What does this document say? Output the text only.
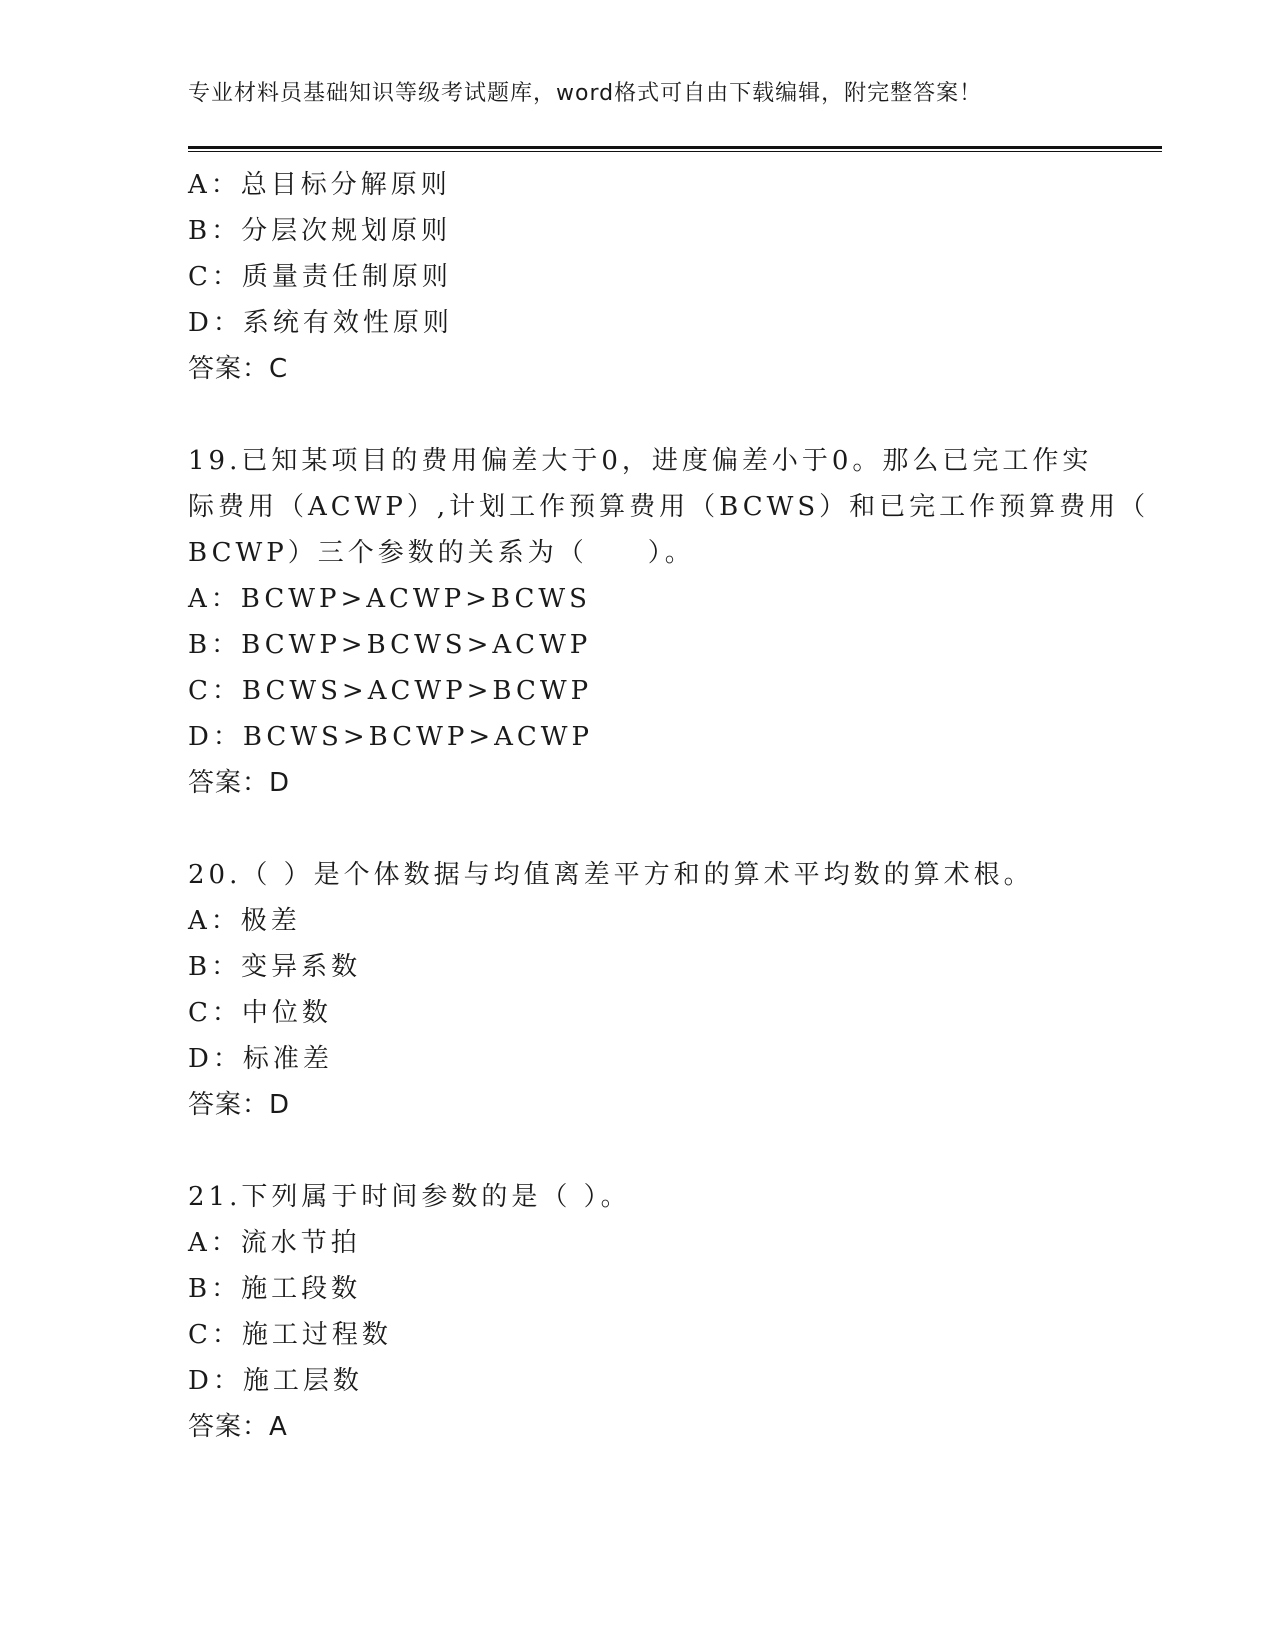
专业材料员基础知识等级考试题库，word格式可自由下载编辑，附完整答案！
A：总目标分解原则
B：分层次规划原则
C：质量责任制原则
D：系统有效性原则
答案：C
19.已知某项目的费用偏差大于0，进度偏差小于0。那么已完工作实
际费用（ACWP）,计划工作预算费用（BCWS）和已完工作预算费用（
BCWP）三个参数的关系为（　　）。
A：BCWP>ACWP>BCWS
B：BCWP>BCWS>ACWP
C：BCWS>ACWP>BCWP
D：BCWS>BCWP>ACWP
答案：D
20.（ ）是个体数据与均值离差平方和的算术平均数的算术根。
A：极差
B：变异系数
C：中位数
D：标准差
答案：D
21.下列属于时间参数的是（ ）。
A：流水节拍
B：施工段数
C：施工过程数
D：施工层数
答案：A
